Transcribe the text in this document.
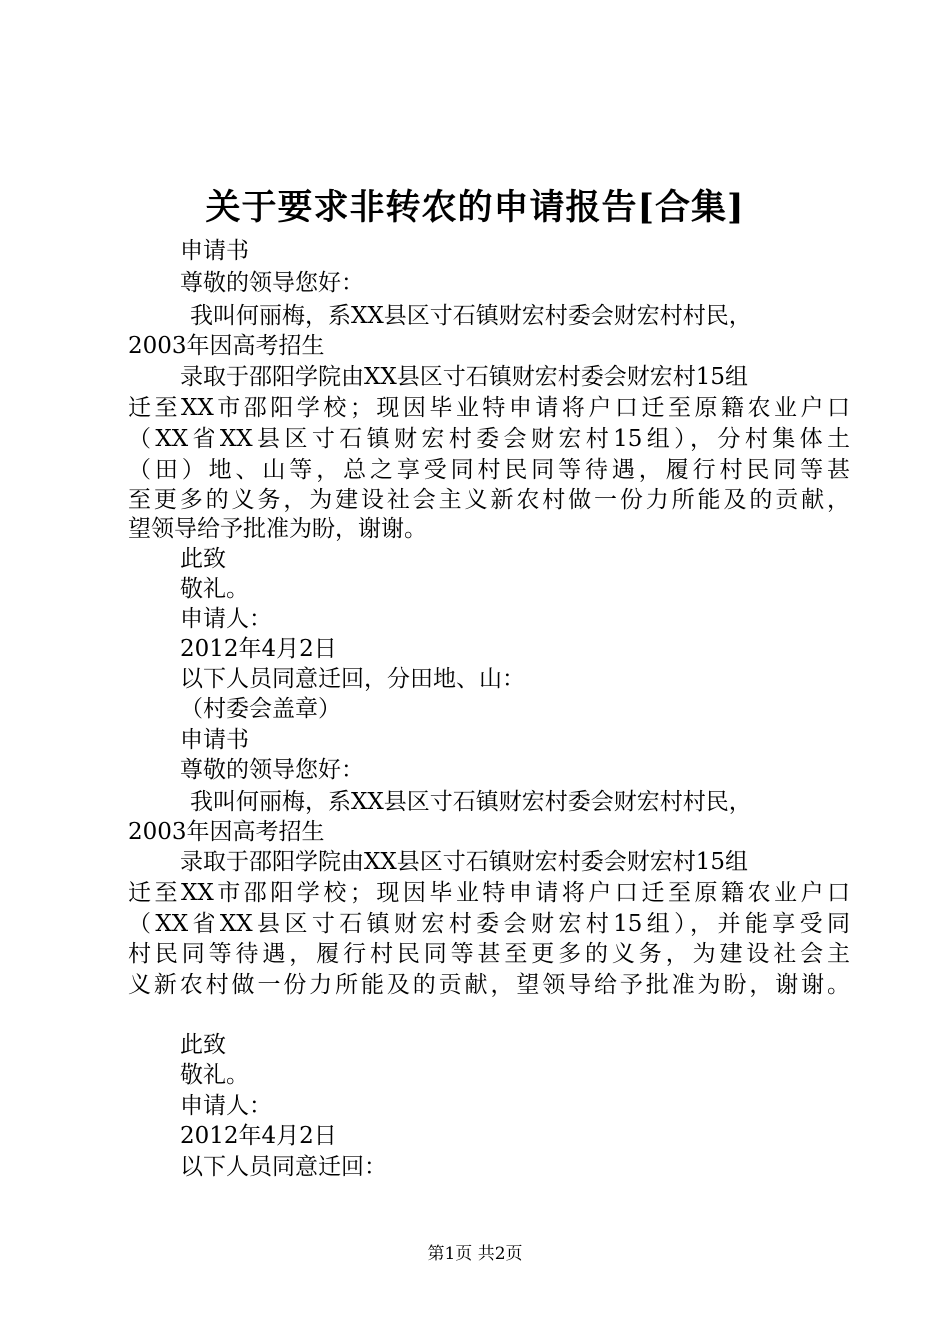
关于要求非转农的申请报告[合集]
申请书
尊敬的领导您好：
我叫何丽梅，系XX县区寸石镇财宏村委会财宏村村民，
2003年因高考招生
录取于邵阳学院由XX县区寸石镇财宏村委会财宏村15组
迁至XX市邵阳学校；现因毕业特申请将户口迁至原籍农业户口
（XX省XX县区寸石镇财宏村委会财宏村15组），分村集体土
（田）地、山等，总之享受同村民同等待遇，履行村民同等甚
至更多的义务，为建设社会主义新农村做一份力所能及的贡献，
望领导给予批准为盼，谢谢。
此致
敬礼。
申请人：
2012年4月2日
以下人员同意迁回，分田地、山：
（村委会盖章）
申请书
尊敬的领导您好：
我叫何丽梅，系XX县区寸石镇财宏村委会财宏村村民，
2003年因高考招生
录取于邵阳学院由XX县区寸石镇财宏村委会财宏村15组
迁至XX市邵阳学校；现因毕业特申请将户口迁至原籍农业户口
（XX省XX县区寸石镇财宏村委会财宏村15组），并能享受同
村民同等待遇，履行村民同等甚至更多的义务，为建设社会主
义新农村做一份力所能及的贡献，望领导给予批准为盼，谢谢。
此致
敬礼。
申请人：
2012年4月2日
以下人员同意迁回：
第1页 共2页
